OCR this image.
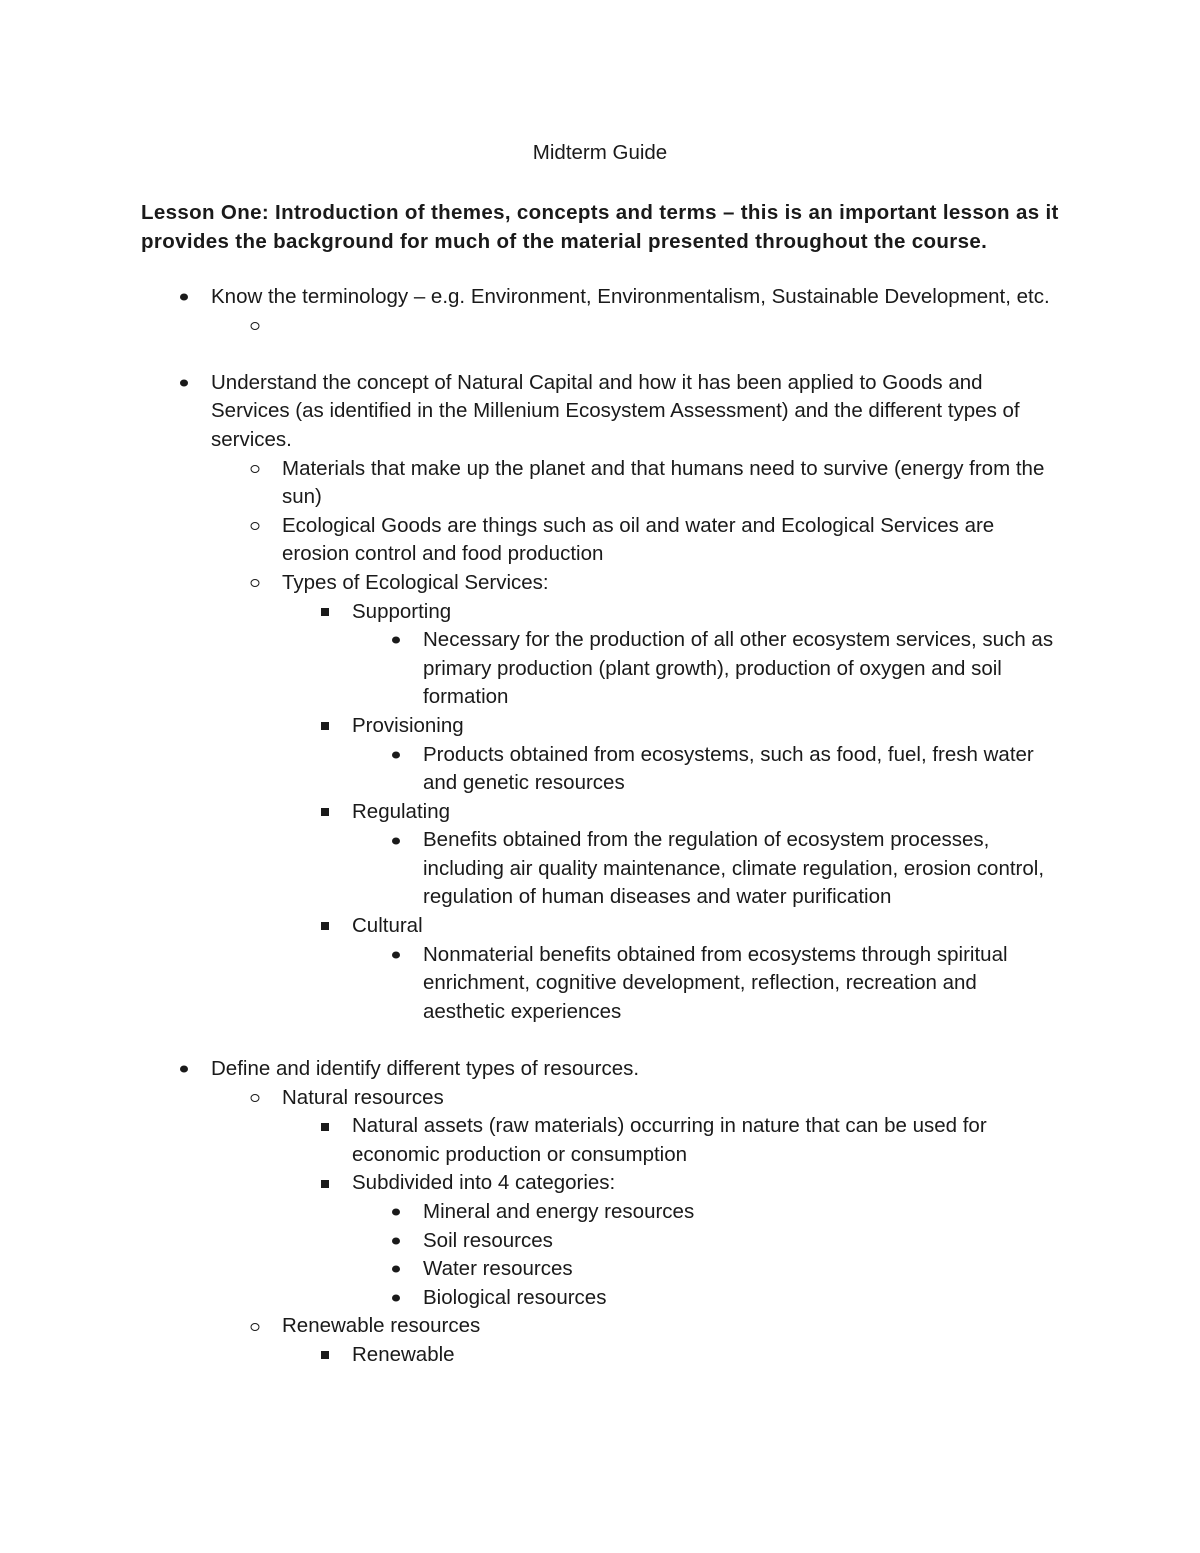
Midterm Guide

Lesson One: Introduction of themes, concepts and terms – this is an important lesson as it provides the background for much of the material presented throughout the course.

Know the terminology – e.g. Environment, Environmentalism, Sustainable Development, etc.
Understand the concept of Natural Capital and how it has been applied to Goods and Services (as identified in the Millenium Ecosystem Assessment) and the different types of services.
Materials that make up the planet and that humans need to survive (energy from the sun)
Ecological Goods are things such as oil and water and Ecological Services are erosion control and food production
Types of Ecological Services:
Supporting
Necessary for the production of all other ecosystem services, such as primary production (plant growth), production of oxygen and soil formation
Provisioning
Products obtained from ecosystems, such as food, fuel, fresh water and genetic resources
Regulating
Benefits obtained from the regulation of ecosystem processes, including air quality maintenance, climate regulation, erosion control, regulation of human diseases and water purification
Cultural
Nonmaterial benefits obtained from ecosystems through spiritual enrichment, cognitive development, reflection, recreation and aesthetic experiences
Define and identify different types of resources.
Natural resources
Natural assets (raw materials) occurring in nature that can be used for economic production or consumption
Subdivided into 4 categories:
Mineral and energy resources
Soil resources
Water resources
Biological resources
Renewable resources
Renewable
